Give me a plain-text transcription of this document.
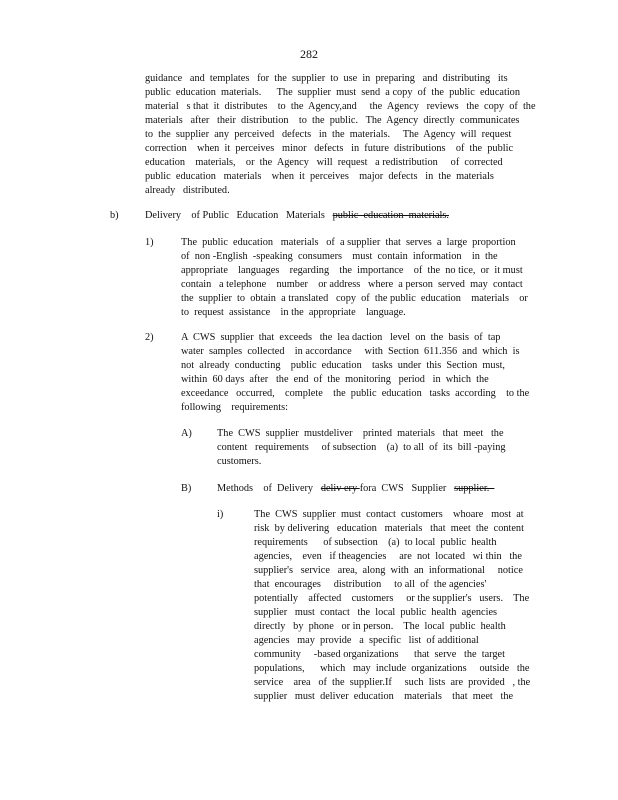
282
guidance   and  templates   for  the  supplier  to  use  in  preparing   and  distributing   its
public  education  materials.      The  supplier  must  send  a copy  of  the  public  education
material   s that  it  distributes    to  the  Agency,and     the  Agency   reviews   the  copy  of  the
materials   after   their  distribution    to  the  public.   The  Agency  directly  communicates
to  the  supplier  any  perceived   defects   in  the  materials.     The  Agency  will  request
correction    when  it  perceives   minor   defects   in  future  distributions    of  the  public
education    materials,    or  the  Agency   will  request   a redistribution     of  corrected
public  education   materials    when  it  perceives    major  defects   in  the  materials
already   distributed.
b)	Delivery    of Public   Education   Materials   public  education  materials.
1)	The  public  education   materials   of  a supplier  that  serves  a  large  proportion
of  non -English  -speaking  consumers    must  contain  information    in  the
appropriate    languages    regarding    the  importance    of  the  no tice,  or  it must
contain   a telephone    number    or address   where  a person  served  may  contact
the  supplier  to  obtain  a translated   copy  of  the public  education    materials    or
to  request  assistance    in the  appropriate    language.
2)	A  CWS  supplier  that  exceeds   the  lea daction   level  on  the  basis  of  tap
water  samples  collected    in accordance     with  Section  611.356  and  which  is
not  already  conducting    public  education    tasks  under  this  Section  must,
within  60 days  after   the  end  of  the  monitoring   period   in  which  the
exceedance   occurred,    complete    the  public  education   tasks  according    to the
following    requirements:
A) The  CWS  supplier  mustdeliver    printed  materials   that  meet   the
content   requirements     of subsection    (a)  to all  of  its  bill -paying
customers.
B) Methods    of  Delivery   deliv ery fora  CWS   Supplier   supplier.
i)	The  CWS  supplier  must  contact  customers    whoare   most  at
risk  by delivering   education   materials   that  meet  the  content
requirements      of subsection    (a)  to local  public  health
agencies,    even   if theagencies     are  not  located   wi thin   the
supplier's   service   area,  along  with  an  informational     notice
that  encourages     distribution     to all  of  the agencies'
potentially    affected    customers     or the supplier's   users.    The
supplier   must  contact   the  local  public  health  agencies
directly   by  phone   or in person.    The  local  public  health
agencies   may  provide   a  specific   list  of additional
community     -based organizations      that  serve   the  target
populations,      which   may  include  organizations     outside   the
service    area   of  the  supplier.If     such  lists  are  provided   , the
supplier   must  deliver  education    materials    that  meet   the
